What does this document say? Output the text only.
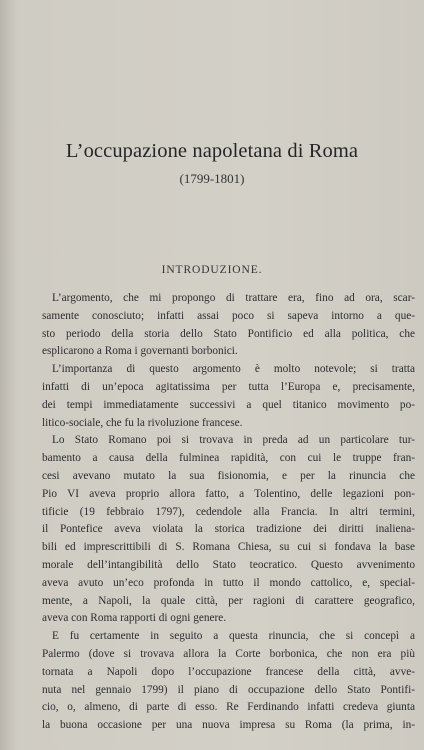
L’occupazione napoletana di Roma
(1799-1801)
INTRODUZIONE.

L’argomento, che mi propongo di trattare era, fino ad ora, scar-
samente conosciuto; infatti assai poco si sapeva intorno a que-
sto periodo della storia dello Stato Pontificio ed alla politica, che
esplicarono a Roma i governanti borbonici.

L’importanza di questo argomento è molto notevole; si tratta
infatti di un’epoca agitatissima per tutta l’Europa e, precisamente,
dei tempi immediatamente successivi a quel titanico movimento po-
litico-sociale, che fu la rivoluzione francese.

Lo Stato Romano poi si trovava in preda ad un particolare tur-
bamento a causa della fulminea rapidità, con cui le truppe fran-
cesi avevano mutato la sua fisionomia, e per la rinuncia che
Pio VI aveva proprio allora fatto, a Tolentino, delle legazioni pon-
tificie (19 febbraio 1797), cedendole alla Francia. In altri termini,
il Pontefice aveva violata la storica tradizione dei diritti inaliena-
bili ed imprescrittibili di S. Romana Chiesa, su cui si fondava la base
morale dell’intangibilità dello Stato teocratico. Questo avvenimento
aveva avuto un’eco profonda in tutto il mondo cattolico, e, special-
mente, a Napoli, la quale città, per ragioni di carattere geografico,
aveva con Roma rapporti di ogni genere.

E fu certamente in seguito a questa rinuncia, che si concepì a
Palermo (dove si trovava allora la Corte borbonica, che non era più
tornata a Napoli dopo l’occupazione francese della città, avve-
nuta nel gennaio 1799) il piano di occupazione dello Stato Pontifi-
cio, o, almeno, di parte di esso. Re Ferdinando infatti credeva giunta
la buona occasione per una nuova impresa su Roma (la prima, in-
